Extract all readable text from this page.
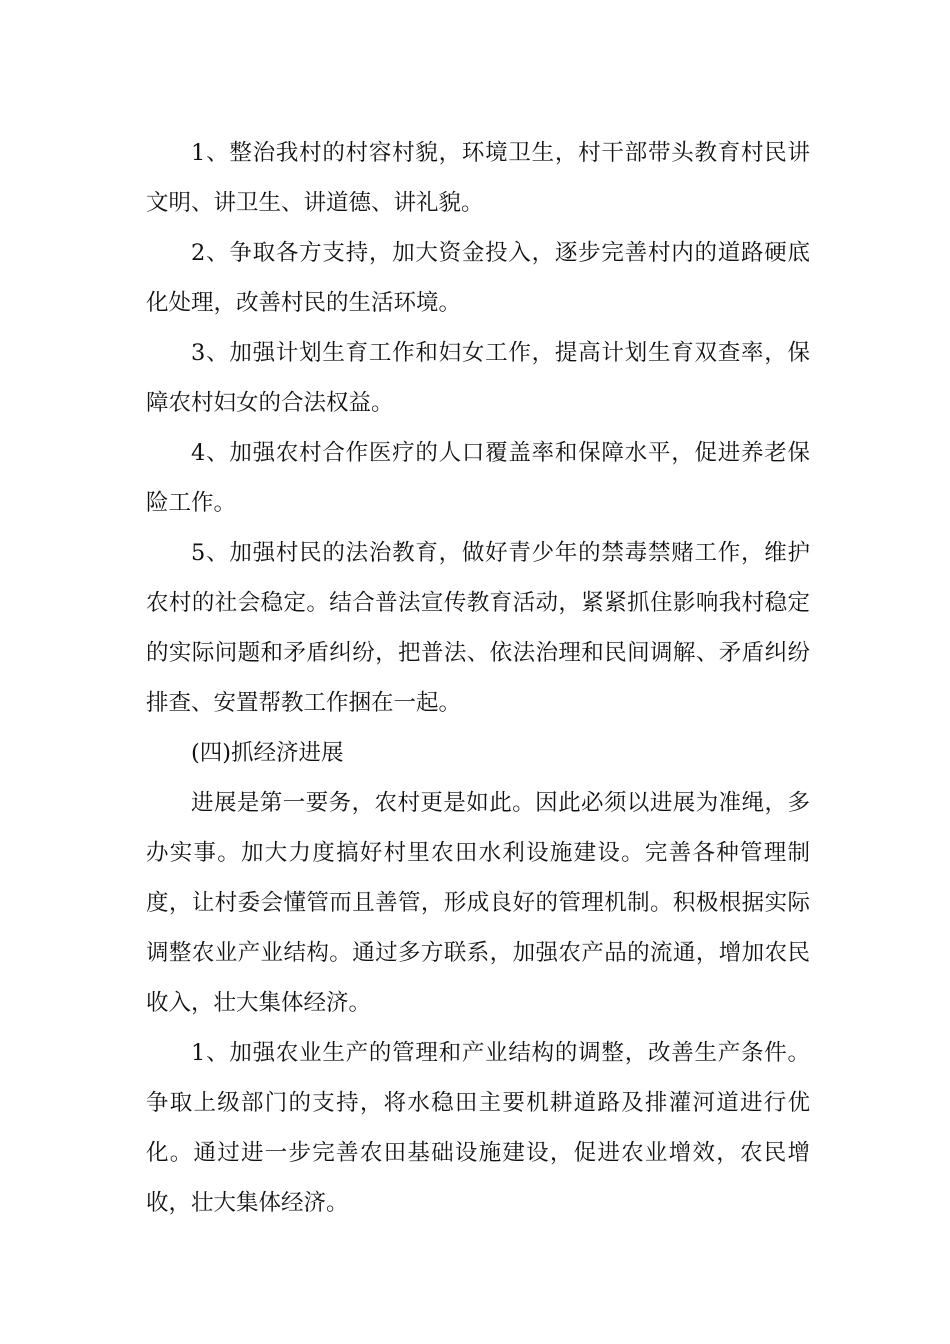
1、整治我村的村容村貌，环境卫生，村干部带头教育村民讲文明、讲卫生、讲道德、讲礼貌。

2、争取各方支持，加大资金投入，逐步完善村内的道路硬底化处理，改善村民的生活环境。

3、加强计划生育工作和妇女工作，提高计划生育双查率，保障农村妇女的合法权益。

4、加强农村合作医疗的人口覆盖率和保障水平，促进养老保险工作。

5、加强村民的法治教育，做好青少年的禁毒禁赌工作，维护农村的社会稳定。结合普法宣传教育活动，紧紧抓住影响我村稳定的实际问题和矛盾纠纷，把普法、依法治理和民间调解、矛盾纠纷排查、安置帮教工作捆在一起。

(四)抓经济进展

进展是第一要务，农村更是如此。因此必须以进展为准绳，多办实事。加大力度搞好村里农田水利设施建设。完善各种管理制度，让村委会懂管而且善管，形成良好的管理机制。积极根据实际调整农业产业结构。通过多方联系，加强农产品的流通，增加农民收入，壮大集体经济。

1、加强农业生产的管理和产业结构的调整，改善生产条件。争取上级部门的支持，将水稳田主要机耕道路及排灌河道进行优化。通过进一步完善农田基础设施建设，促进农业增效，农民增收，壮大集体经济。
